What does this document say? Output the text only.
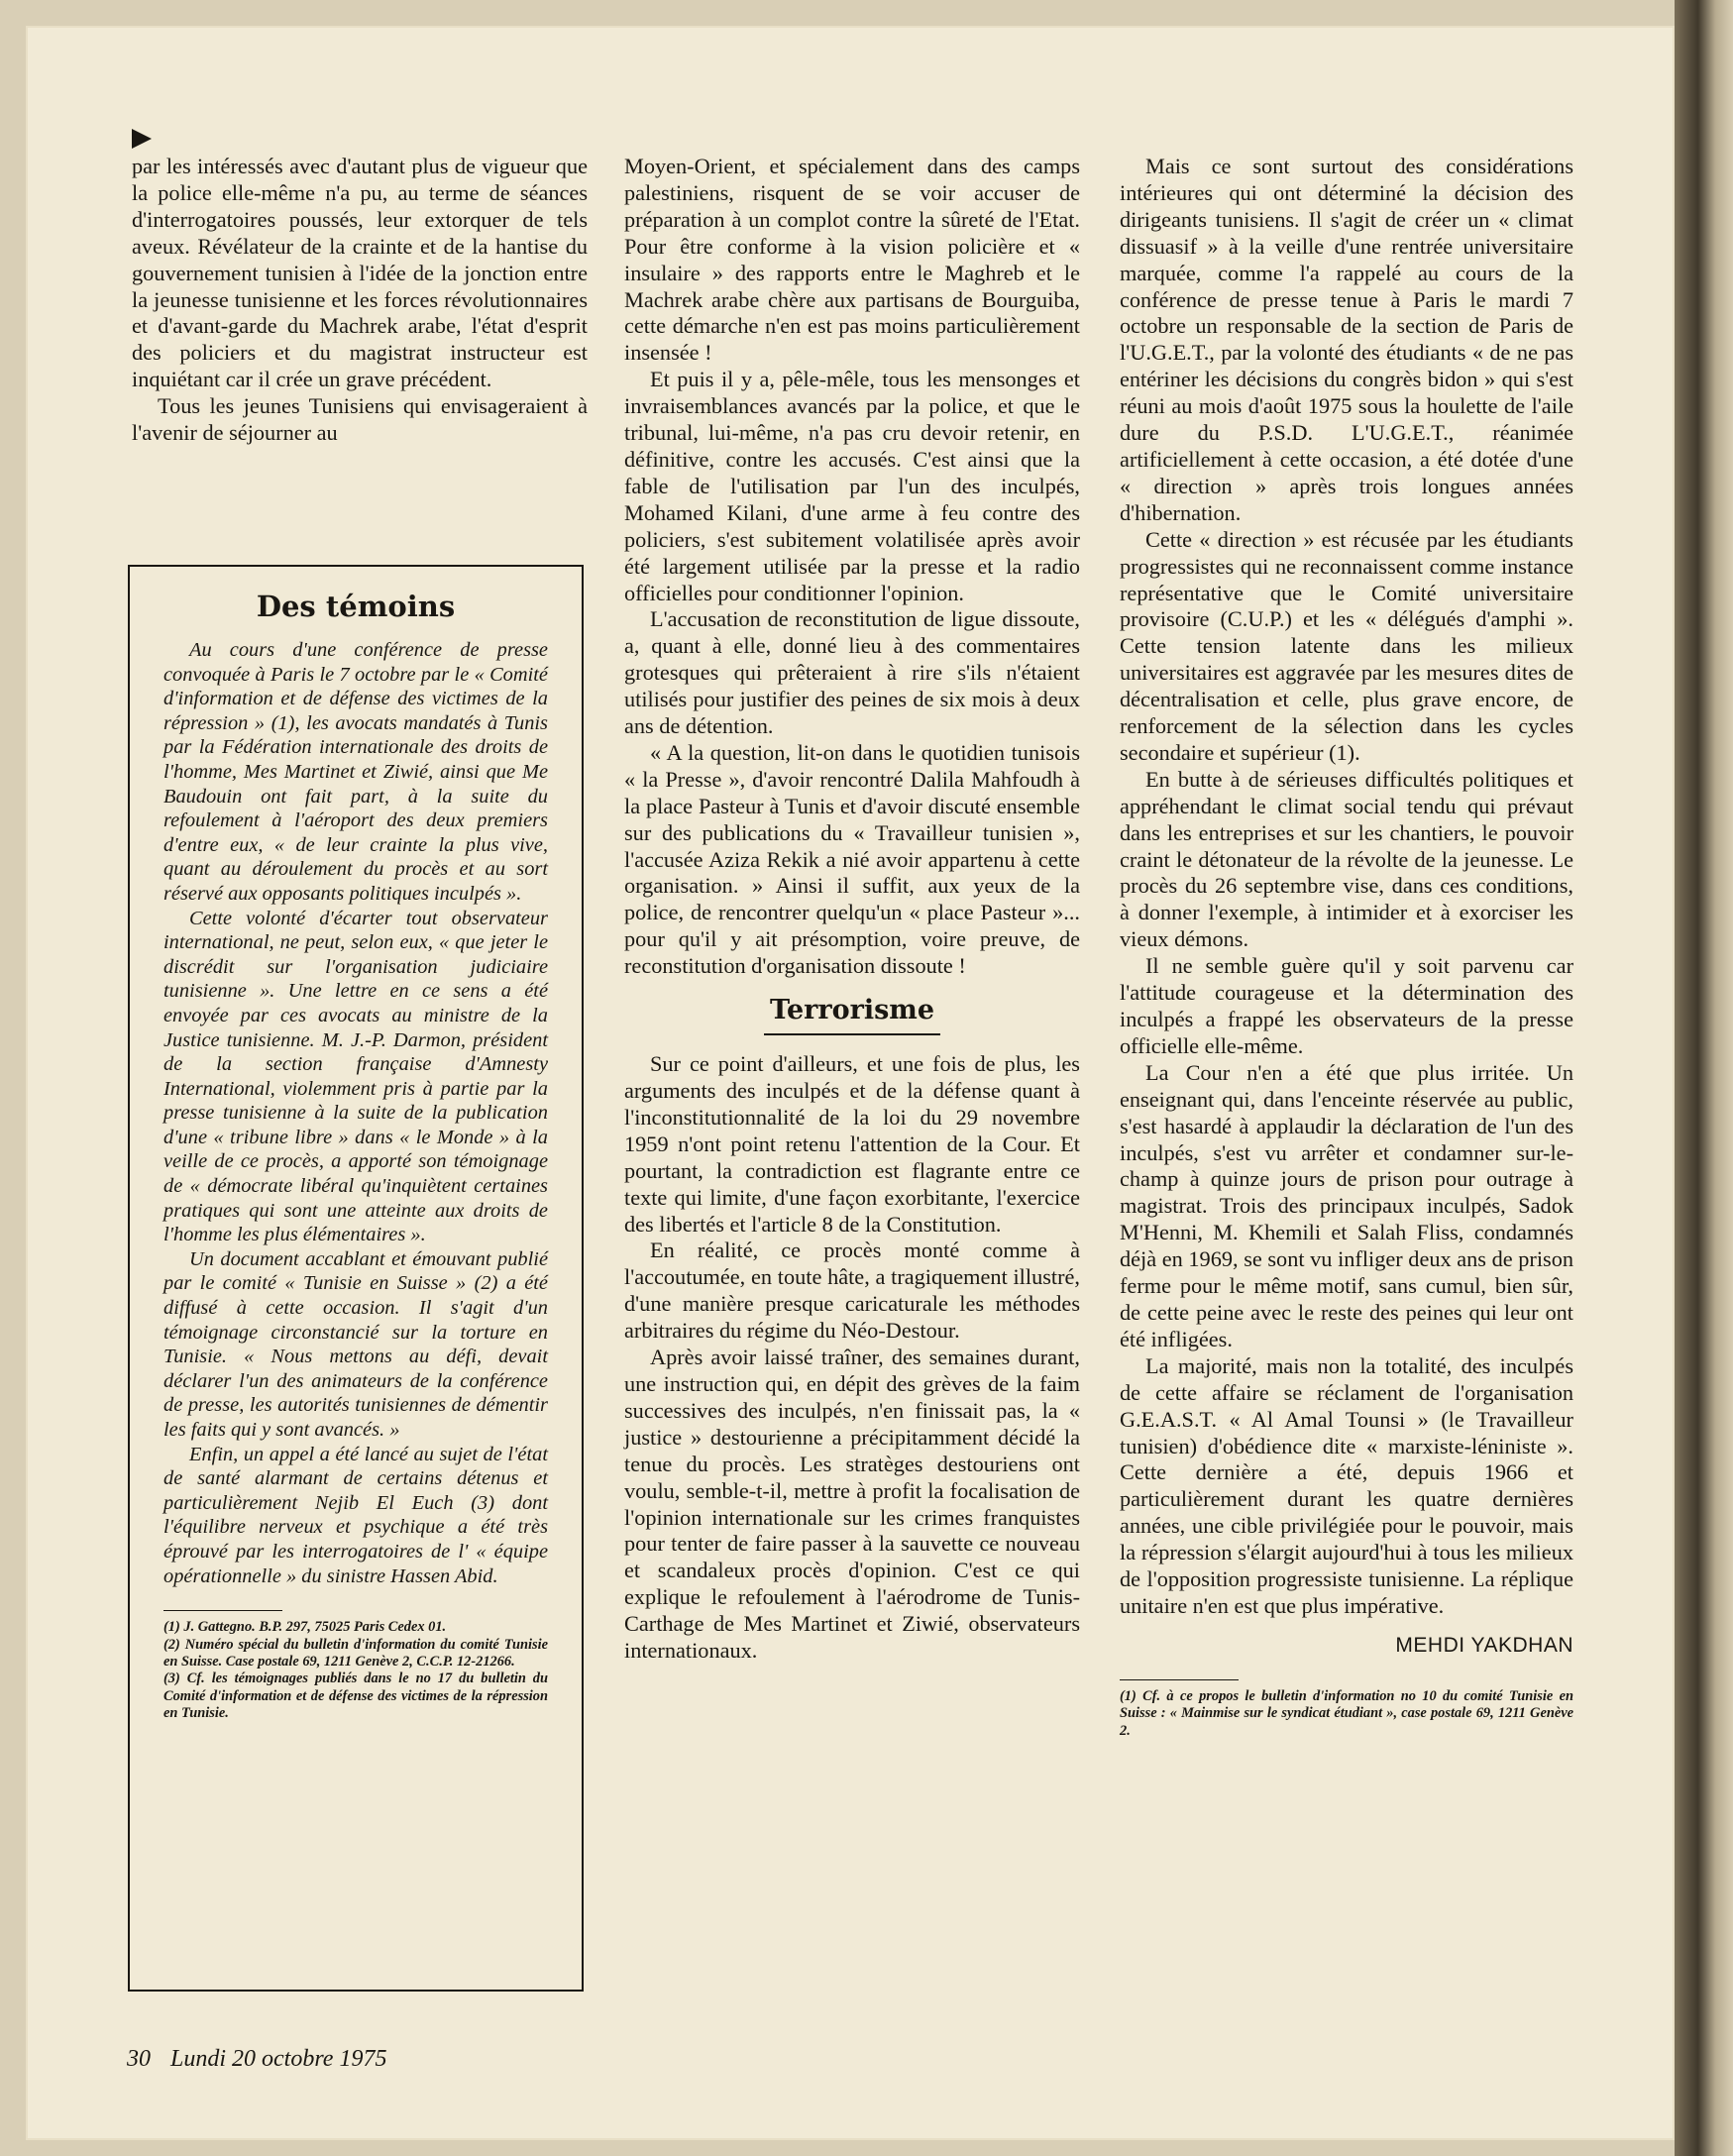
par les intéressés avec d'autant plus de vigueur que la police elle-même n'a pu, au terme de séances d'interrogatoires poussés, leur extorquer de tels aveux. Révélateur de la crainte et de la hantise du gouvernement tunisien à l'idée de la jonction entre la jeunesse tunisienne et les forces révolutionnaires et d'avant-garde du Machrek arabe, l'état d'esprit des policiers et du magistrat instructeur est inquiétant car il crée un grave précédent.

Tous les jeunes Tunisiens qui envisageraient à l'avenir de séjourner au

Des témoins

Au cours d'une conférence de presse convoquée à Paris le 7 octobre par le « Comité d'information et de défense des victimes de la répression » (1), les avocats mandatés à Tunis par la Fédération internationale des droits de l'homme, Mes Martinet et Ziwié, ainsi que Me Baudouin ont fait part, à la suite du refoulement à l'aéroport des deux premiers d'entre eux, « de leur crainte la plus vive, quant au déroulement du procès et au sort réservé aux opposants politiques inculpés ».

Cette volonté d'écarter tout observateur international, ne peut, selon eux, « que jeter le discrédit sur l'organisation judiciaire tunisienne ». Une lettre en ce sens a été envoyée par ces avocats au ministre de la Justice tunisienne. M. J.-P. Darmon, président de la section française d'Amnesty International, violemment pris à partie par la presse tunisienne à la suite de la publication d'une « tribune libre » dans « le Monde » à la veille de ce procès, a apporté son témoignage de « démocrate libéral qu'inquiètent certaines pratiques qui sont une atteinte aux droits de l'homme les plus élémentaires ».

Un document accablant et émouvant publié par le comité « Tunisie en Suisse » (2) a été diffusé à cette occasion. Il s'agit d'un témoignage circonstancié sur la torture en Tunisie. « Nous mettons au défi, devait déclarer l'un des animateurs de la conférence de presse, les autorités tunisiennes de démentir les faits qui y sont avancés. »

Enfin, un appel a été lancé au sujet de l'état de santé alarmant de certains détenus et particulièrement Nejib El Euch (3) dont l'équilibre nerveux et psychique a été très éprouvé par les interrogatoires de l' « équipe opérationnelle » du sinistre Hassen Abid.

(1) J. Gattegno. B.P. 297, 75025 Paris Cedex 01.

(2) Numéro spécial du bulletin d'information du comité Tunisie en Suisse. Case postale 69, 1211 Genève 2, C.C.P. 12-21266.

(3) Cf. les témoignages publiés dans le no 17 du bulletin du Comité d'information et de défense des victimes de la répression en Tunisie.

Moyen-Orient, et spécialement dans des camps palestiniens, risquent de se voir accuser de préparation à un complot contre la sûreté de l'Etat. Pour être conforme à la vision policière et « insulaire » des rapports entre le Maghreb et le Machrek arabe chère aux partisans de Bourguiba, cette démarche n'en est pas moins particulièrement insensée !

Et puis il y a, pêle-mêle, tous les mensonges et invraisemblances avancés par la police, et que le tribunal, lui-même, n'a pas cru devoir retenir, en définitive, contre les accusés. C'est ainsi que la fable de l'utilisation par l'un des inculpés, Mohamed Kilani, d'une arme à feu contre des policiers, s'est subitement volatilisée après avoir été largement utilisée par la presse et la radio officielles pour conditionner l'opinion.

L'accusation de reconstitution de ligue dissoute, a, quant à elle, donné lieu à des commentaires grotesques qui prêteraient à rire s'ils n'étaient utilisés pour justifier des peines de six mois à deux ans de détention.

« A la question, lit-on dans le quotidien tunisois « la Presse », d'avoir rencontré Dalila Mahfoudh à la place Pasteur à Tunis et d'avoir discuté ensemble sur des publications du « Travailleur tunisien », l'accusée Aziza Rekik a nié avoir appartenu à cette organisation. » Ainsi il suffit, aux yeux de la police, de rencontrer quelqu'un « place Pasteur »... pour qu'il y ait présomption, voire preuve, de reconstitution d'organisation dissoute !

Terrorisme

Sur ce point d'ailleurs, et une fois de plus, les arguments des inculpés et de la défense quant à l'inconstitutionnalité de la loi du 29 novembre 1959 n'ont point retenu l'attention de la Cour. Et pourtant, la contradiction est flagrante entre ce texte qui limite, d'une façon exorbitante, l'exercice des libertés et l'article 8 de la Constitution.

En réalité, ce procès monté comme à l'accoutumée, en toute hâte, a tragiquement illustré, d'une manière presque caricaturale les méthodes arbitraires du régime du Néo-Destour.

Après avoir laissé traîner, des semaines durant, une instruction qui, en dépit des grèves de la faim successives des inculpés, n'en finissait pas, la « justice » destourienne a précipitamment décidé la tenue du procès. Les stratèges destouriens ont voulu, semble-t-il, mettre à profit la focalisation de l'opinion internationale sur les crimes franquistes pour tenter de faire passer à la sauvette ce nouveau et scandaleux procès d'opinion. C'est ce qui explique le refoulement à l'aérodrome de Tunis-Carthage de Mes Martinet et Ziwié, observateurs internationaux.

Mais ce sont surtout des considérations intérieures qui ont déterminé la décision des dirigeants tunisiens. Il s'agit de créer un « climat dissuasif » à la veille d'une rentrée universitaire marquée, comme l'a rappelé au cours de la conférence de presse tenue à Paris le mardi 7 octobre un responsable de la section de Paris de l'U.G.E.T., par la volonté des étudiants « de ne pas entériner les décisions du congrès bidon » qui s'est réuni au mois d'août 1975 sous la houlette de l'aile dure du P.S.D. L'U.G.E.T., réanimée artificiellement à cette occasion, a été dotée d'une « direction » après trois longues années d'hibernation.

Cette « direction » est récusée par les étudiants progressistes qui ne reconnaissent comme instance représentative que le Comité universitaire provisoire (C.U.P.) et les « délégués d'amphi ». Cette tension latente dans les milieux universitaires est aggravée par les mesures dites de décentralisation et celle, plus grave encore, de renforcement de la sélection dans les cycles secondaire et supérieur (1).

En butte à de sérieuses difficultés politiques et appréhendant le climat social tendu qui prévaut dans les entreprises et sur les chantiers, le pouvoir craint le détonateur de la révolte de la jeunesse. Le procès du 26 septembre vise, dans ces conditions, à donner l'exemple, à intimider et à exorciser les vieux démons.

Il ne semble guère qu'il y soit parvenu car l'attitude courageuse et la détermination des inculpés a frappé les observateurs de la presse officielle elle-même.

La Cour n'en a été que plus irritée. Un enseignant qui, dans l'enceinte réservée au public, s'est hasardé à applaudir la déclaration de l'un des inculpés, s'est vu arrêter et condamner sur-le-champ à quinze jours de prison pour outrage à magistrat. Trois des principaux inculpés, Sadok M'Henni, M. Khemili et Salah Fliss, condamnés déjà en 1969, se sont vu infliger deux ans de prison ferme pour le même motif, sans cumul, bien sûr, de cette peine avec le reste des peines qui leur ont été infligées.

La majorité, mais non la totalité, des inculpés de cette affaire se réclament de l'organisation G.E.A.S.T. « Al Amal Tounsi » (le Travailleur tunisien) d'obédience dite « marxiste-léniniste ». Cette dernière a été, depuis 1966 et particulièrement durant les quatre dernières années, une cible privilégiée pour le pouvoir, mais la répression s'élargit aujourd'hui à tous les milieux de l'opposition progressiste tunisienne. La réplique unitaire n'en est que plus impérative.

MEHDI YAKDHAN

(1) Cf. à ce propos le bulletin d'information no 10 du comité Tunisie en Suisse : « Mainmise sur le syndicat étudiant », case postale 69, 1211 Genève 2.

30 Lundi 20 octobre 1975
